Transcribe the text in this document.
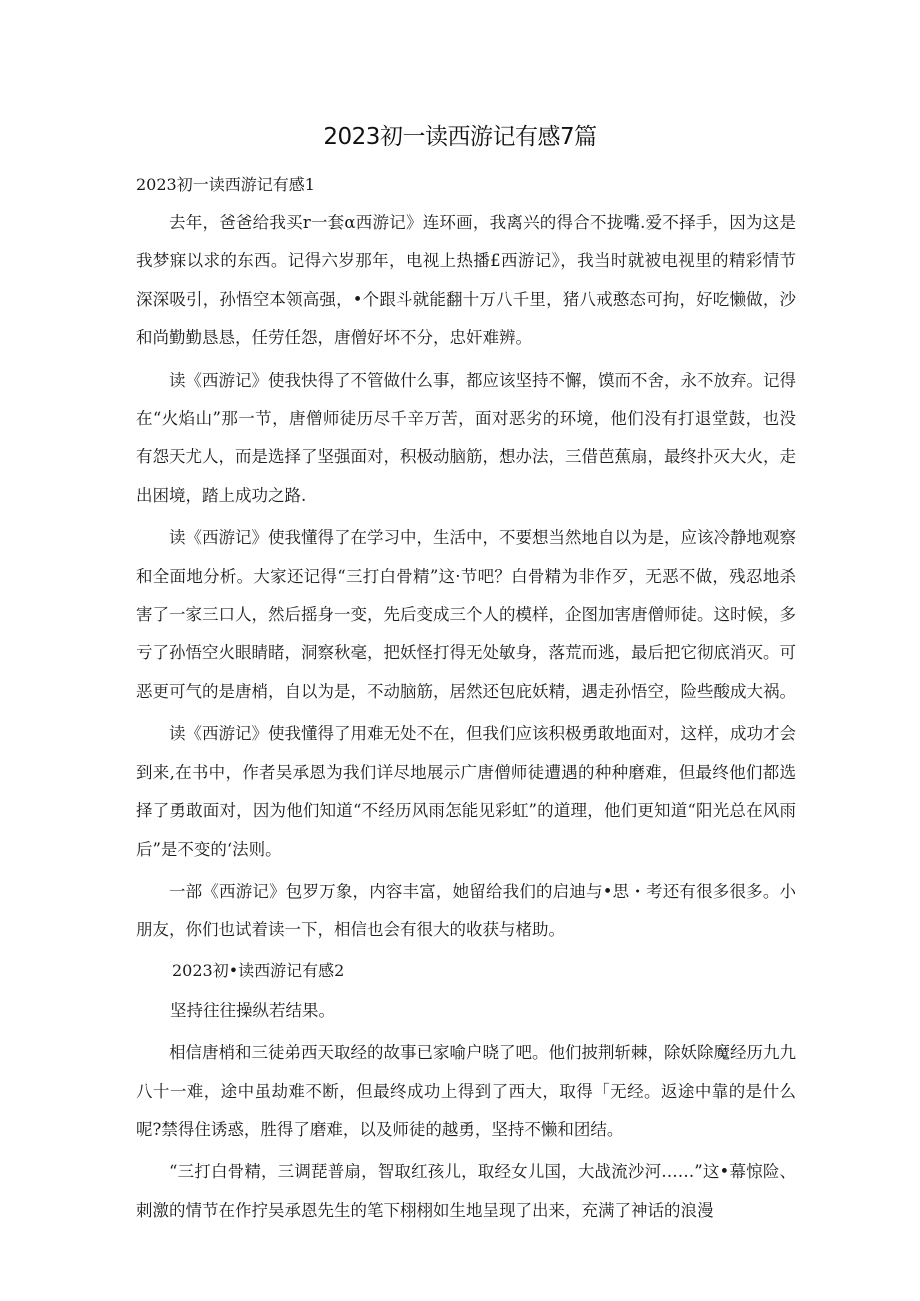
2023初一读西游记有感7篇

2023初一读西游记有感1

去年，爸爸给我买r一套α西游记》连环画，我离兴的得合不拢嘴.爱不择手，因为这是我梦寐以求的东西。记得六岁那年，电视上热播£西游记》，我当时就被电视里的精彩情节深深吸引，孙悟空本领高强，•个跟斗就能翻十万八千里，猪八戒憨态可拘，好吃懒做，沙和尚勤勤恳恳，任劳任怨，唐僧好坏不分，忠奸难辨。

读《西游记》使我快得了不管做什么事，都应该坚持不懈，馍而不舍，永不放弃。记得在“火焰山”那一节，唐僧师徒历尽千辛万苦，面对恶劣的环境，他们没有打退堂鼓，也没有怨天尤人，而是选择了坚强面对，积极动脑筋，想办法，三借芭蕉扇，最终扑灭大火，走出困境，踏上成功之路.

读《西游记》使我懂得了在学习中，生活中，不要想当然地自以为是，应该冷静地观察和全面地分析。大家还记得“三打白骨精”这·节吧？白骨精为非作歹，无恶不做，残忍地杀害了一家三口人，然后摇身一变，先后变成三个人的模样，企图加害唐僧师徒。这时候，多亏了孙悟空火眼睛睹，洞察秋毫，把妖怪打得无处敏身，落荒而逃，最后把它彻底消灭。可恶更可气的是唐梢，自以为是，不动脑筋，居然还包庇妖精，遇走孙悟空，险些酸成大祸。

读《西游记》使我懂得了用难无处不在，但我们应该积极勇敢地面对，这样，成功才会到来,在书中，作者吴承恩为我们详尽地展示广唐僧师徒遭遇的种种磨难，但最终他们都选择了勇敢面对，因为他们知道“不经历风雨怎能见彩虹”的道理，他们更知道“阳光总在风雨后”是不变的‘法则。

一部《西游记》包罗万象，内容丰富，她留给我们的启迪与•思・考还有很多很多。小朋友，你们也试着读一下，相信也会有很大的收获与楮助。

2023初•读西游记有感2

坚持往往操纵若结果。

相信唐梢和三徒弟西天取经的故事已家喻户晓了吧。他们披荆斩棘，除妖除魔经历九九八十一难，途中虽劫难不断，但最终成功上得到了西大，取得「无经。返途中靠的是什么呢?禁得住诱惑，胜得了磨难，以及师徒的越勇，坚持不懒和团结。

“三打白骨精，三调琵普扇，智取红孩儿，取经女儿国，大战流沙河……”这•幕惊险、刺激的情节在作拧吴承恩先生的笔下栩栩如生地呈现了出来，充满了神话的浪漫
